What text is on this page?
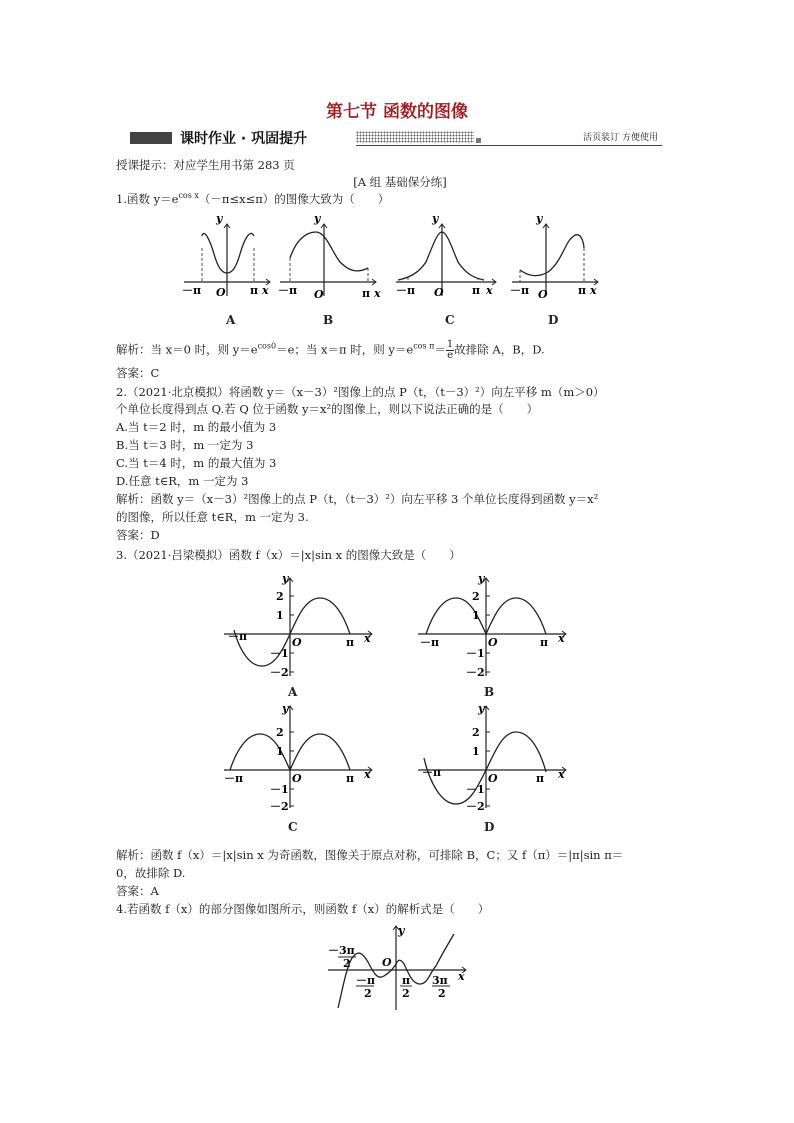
第七节 函数的图像
课时作业 · 巩固提升	活页装订 方便使用
授课提示：对应学生用书第 283 页
[A 组 基础保分练]
1.函数 $y=e^{cos x}(-\pi\le x\le\pi)$的图像大致为（　　）
y
－π O π x
y
－π O	π x
y
－π O	π x
y
－π O	π x
A	B	C	D
解析：当 x＝0 时，则 $y=e^{cos0}=e$；当 x＝π 时，则 $y=e^{cos \pi}= \frac{1}{e}$ 故排除 A，B，D.
答案：C
2.（2021·北京模拟）将函数 y＝（x－3）²图像上的点 P（t，（t－3）²）向左平移 m（m＞0）
个单位长度得到点 Q.若 Q 位于函数 y＝x²的图像上，则以下说法正确的是（　　）
A.当 t＝2 时，m 的最小值为 3
B.当 t＝3 时，m 一定为 3
C.当 t＝4 时，m 的最大值为 3
D.任意 t∈R，m 一定为 3
解析：函数 y＝（x－3）²图像上的点 P（t，（t－3）²）向左平移 3 个单位长度得到函数 y＝x²
的图像，所以任意 t∈R，m 一定为 3.
答案：D
3.（2021·吕梁模拟）函数 f（x）＝|x|sin x 的图像大致是（　　）
y
2
1
O
－1
－2
－π	π x
y
2
1
O
－1
－2
－π	π x
y
2
1
O
－1
－2
－π	π x
y
2
1
O
－1
－2
－π	π x
A	B
C	D
解析：函数 f（x）＝|x|sin x 为奇函数，图像关于原点对称，可排除 B，C；又 f（π）＝|π|sin π＝
0，故排除 D.
答案：A
4.若函数 f（x）的部分图像如图所示，则函数 f（x）的解析式是（　　）
y
－3π
2	O
－π
2
π
2
3π
2
x
